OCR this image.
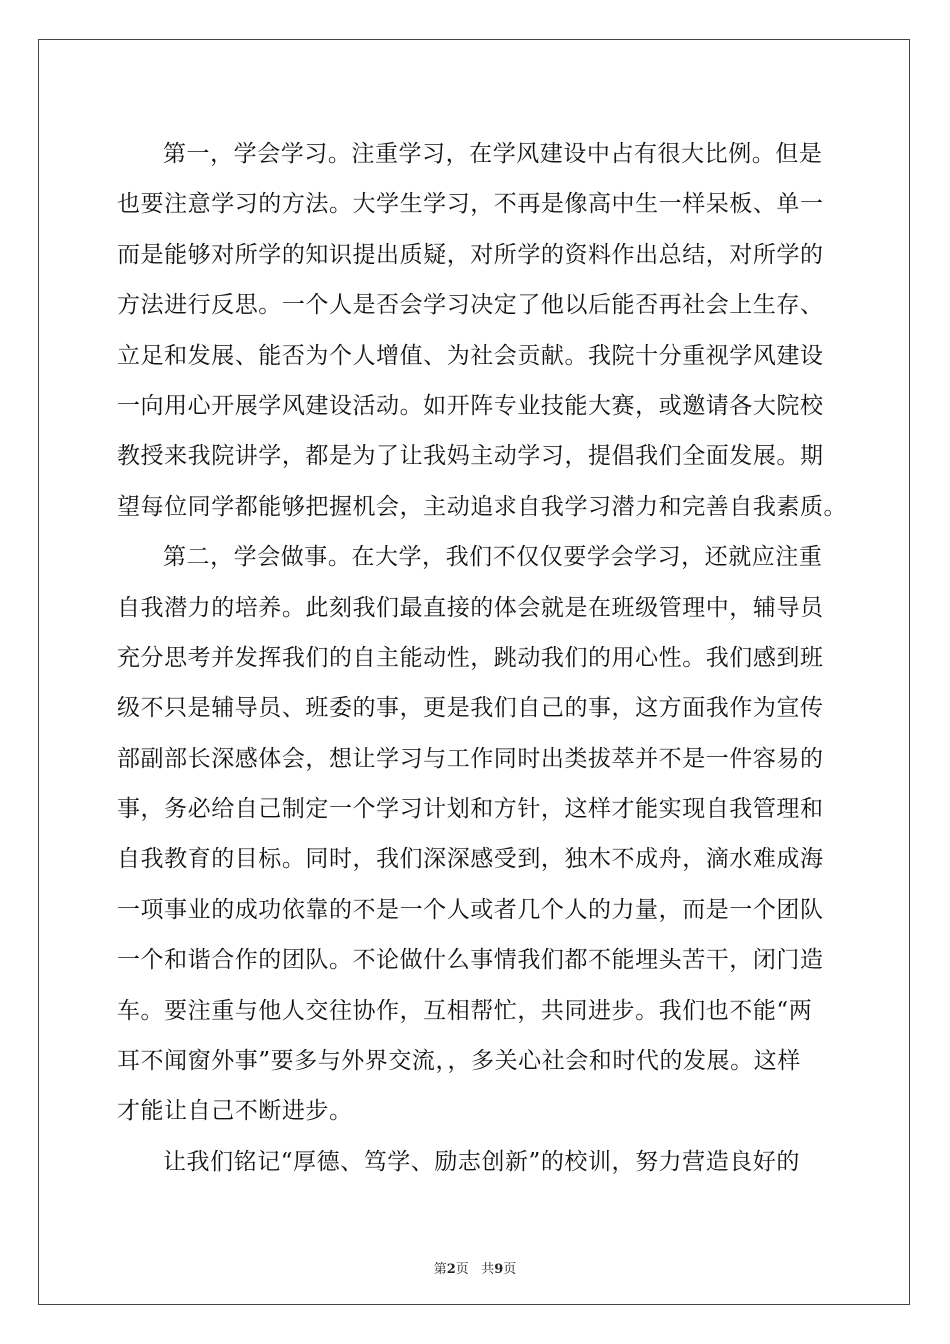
第一，学会学习。注重学习，在学风建设中占有很大比例。但是
也要注意学习的方法。大学生学习，不再是像高中生一样呆板、单一
而是能够对所学的知识提出质疑，对所学的资料作出总结，对所学的
方法进行反思。一个人是否会学习决定了他以后能否再社会上生存、
立足和发展、能否为个人增值、为社会贡献。我院十分重视学风建设
一向用心开展学风建设活动。如开阵专业技能大赛，或邀请各大院校
教授来我院讲学，都是为了让我妈主动学习，提倡我们全面发展。期
望每位同学都能够把握机会，主动追求自我学习潜力和完善自我素质。
第二，学会做事。在大学，我们不仅仅要学会学习，还就应注重
自我潜力的培养。此刻我们最直接的体会就是在班级管理中，辅导员
充分思考并发挥我们的自主能动性，跳动我们的用心性。我们感到班
级不只是辅导员、班委的事，更是我们自己的事，这方面我作为宣传
部副部长深感体会，想让学习与工作同时出类拔萃并不是一件容易的
事，务必给自己制定一个学习计划和方针，这样才能实现自我管理和
自我教育的目标。同时，我们深深感受到，独木不成舟，滴水难成海
一项事业的成功依靠的不是一个人或者几个人的力量，而是一个团队
一个和谐合作的团队。不论做什么事情我们都不能埋头苦干，闭门造
车。要注重与他人交往协作，互相帮忙，共同进步。我们也不能“两
耳不闻窗外事”要多与外界交流，，多关心社会和时代的发展。这样
才能让自己不断进步。
让我们铭记“厚德、笃学、励志创新”的校训，努力营造良好的
第2页 共9页
